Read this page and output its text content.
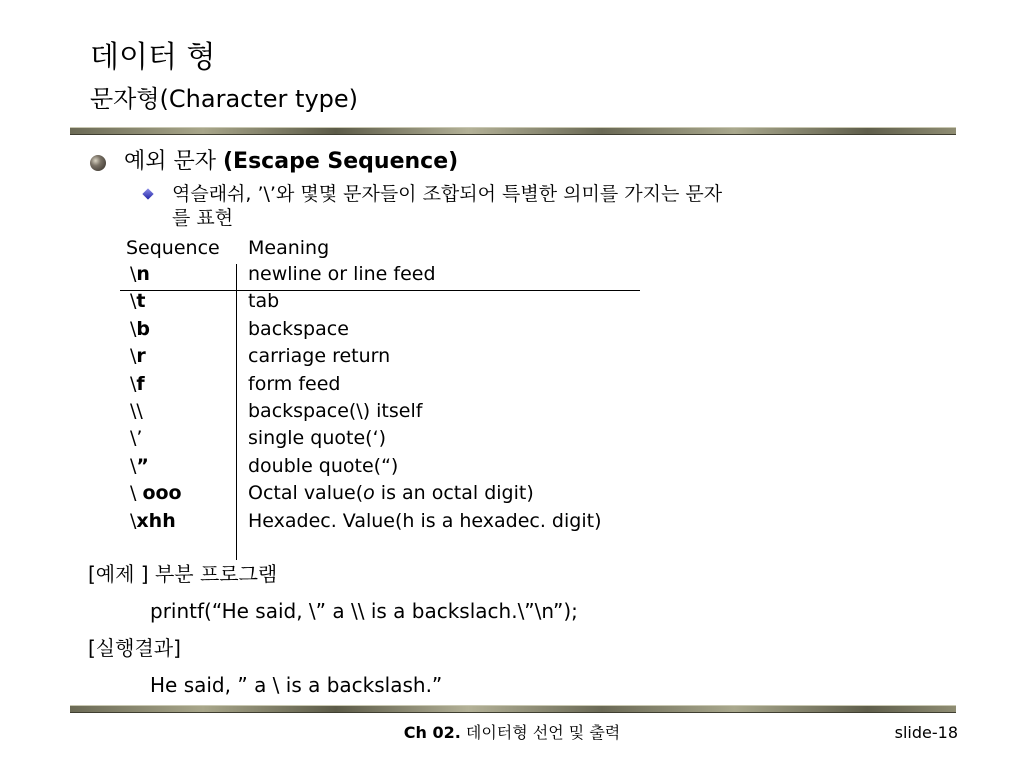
데이터 형
문자형(Character type)
예외 문자 (Escape Sequence)
역슬래쉬, ’\’와 몇몇 문자들이 조합되어 특별한 의미를 가지는 문자
를 표현
Sequence Meaning
\n	newline or line feed
\t	tab
\b	backspace
\r	carriage return
\f	form feed
\\	backspace(\) itself
\’	single quote(‘)
\”	double quote(“)
\ ooo	Octal value(o is an octal digit)
\xhh	Hexadec. Value(h is a hexadec. digit)
[예제 ] 부분 프로그램
printf(“He said, \” a \\ is a backslach.\”\n”);
[실행결과]
He said, ” a \ is a backslash.”
Ch 02. 데이터형 선언 및 출력	slide-18
